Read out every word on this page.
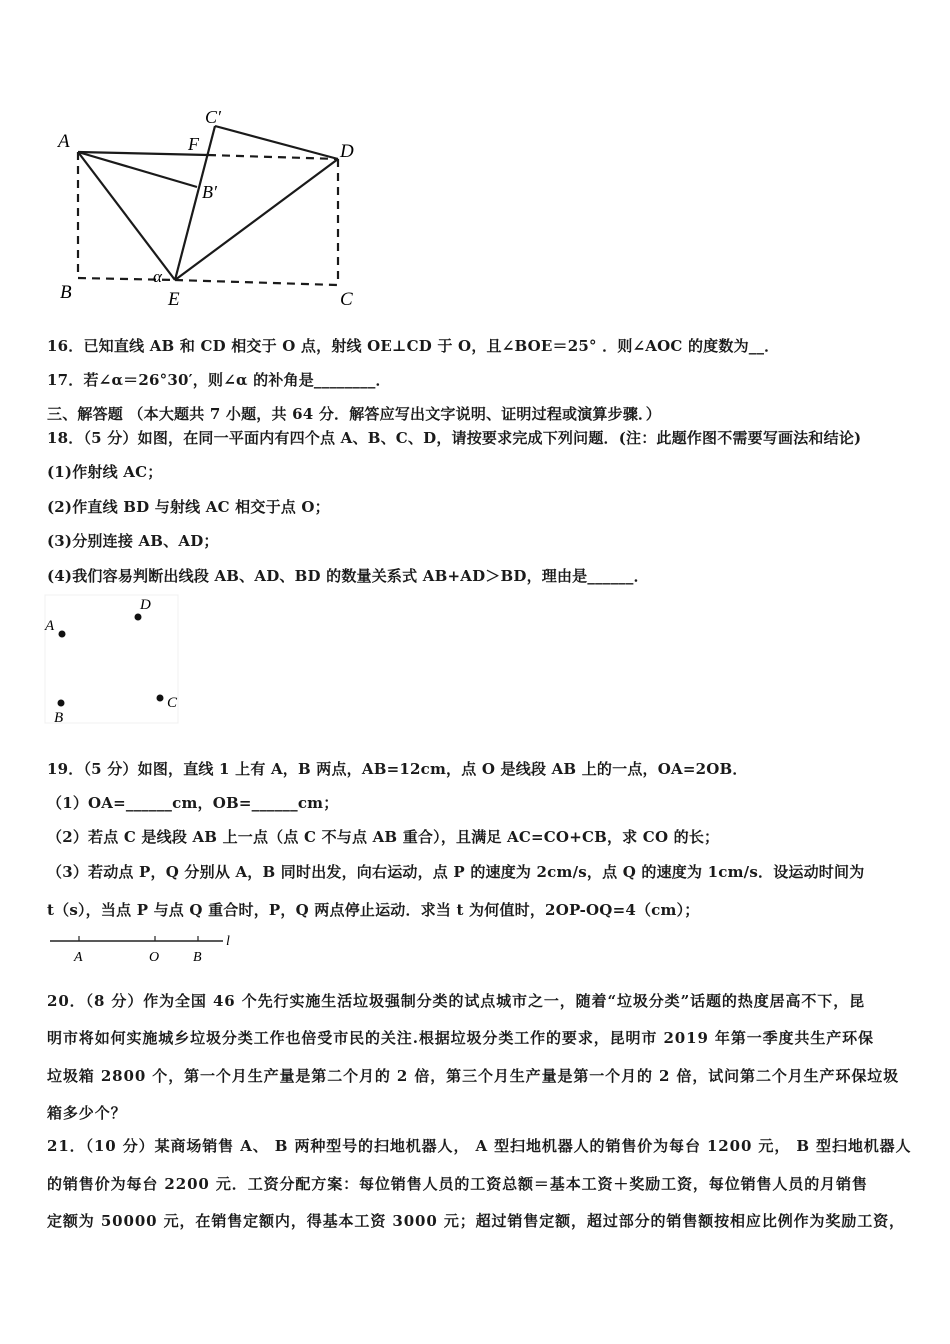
A
B	C
D
E
F
B′
C′
α
16．已知直线 AB 和 CD 相交于 O 点，射线 OE⊥CD 于 O，且∠BOE＝25° ．则∠AOC 的度数为__．
17．若∠α＝26°30′，则∠α 的补角是________．
三、解答题 （本大题共 7 小题，共 64 分．解答应写出文字说明、证明过程或演算步骤．）
18．（5 分）如图，在同一平面内有四个点 A、B、C、D，请按要求完成下列问题．(注：此题作图不需要写画法和结论)
(1)作射线 AC；
(2)作直线 BD 与射线 AC 相交于点 O；
(3)分别连接 AB、AD；
(4)我们容易判断出线段 AB、AD、BD 的数量关系式 AB+AD＞BD，理由是______．
A
D
B
C
19．（5 分）如图，直线 1 上有 A，B 两点，AB=12cm，点 O 是线段 AB 上的一点，OA=2OB．
（1）OA=______cm，OB=______cm；
（2）若点 C 是线段 AB 上一点（点 C 不与点 AB 重合），且满足 AC=CO+CB，求 CO 的长；
（3）若动点 P，Q 分别从 A，B 同时出发，向右运动，点 P 的速度为 2cm/s，点 Q 的速度为 1cm/s．设运动时间为
t（s），当点 P 与点 Q 重合时，P，Q 两点停止运动．求当 t 为何值时，2OP-OQ=4（cm）；
A	O B
l
20．（8 分）作为全国 46 个先行实施生活垃圾强制分类的试点城市之一，随着“垃圾分类”话题的热度居高不下，昆
明市将如何实施城乡垃圾分类工作也倍受市民的关注.根据垃圾分类工作的要求，昆明市 2019 年第一季度共生产环保
垃圾箱 2800 个，第一个月生产量是第二个月的 2 倍，第三个月生产量是第一个月的 2 倍，试问第二个月生产环保垃圾
箱多少个？
21．（10 分）某商场销售 A、 B 两种型号的扫地机器人， A 型扫地机器人的销售价为每台 1200 元， B 型扫地机器人
的销售价为每台 2200 元．工资分配方案：每位销售人员的工资总额＝基本工资＋奖励工资，每位销售人员的月销售
定额为 50000 元，在销售定额内，得基本工资 3000 元；超过销售定额，超过部分的销售额按相应比例作为奖励工资，
